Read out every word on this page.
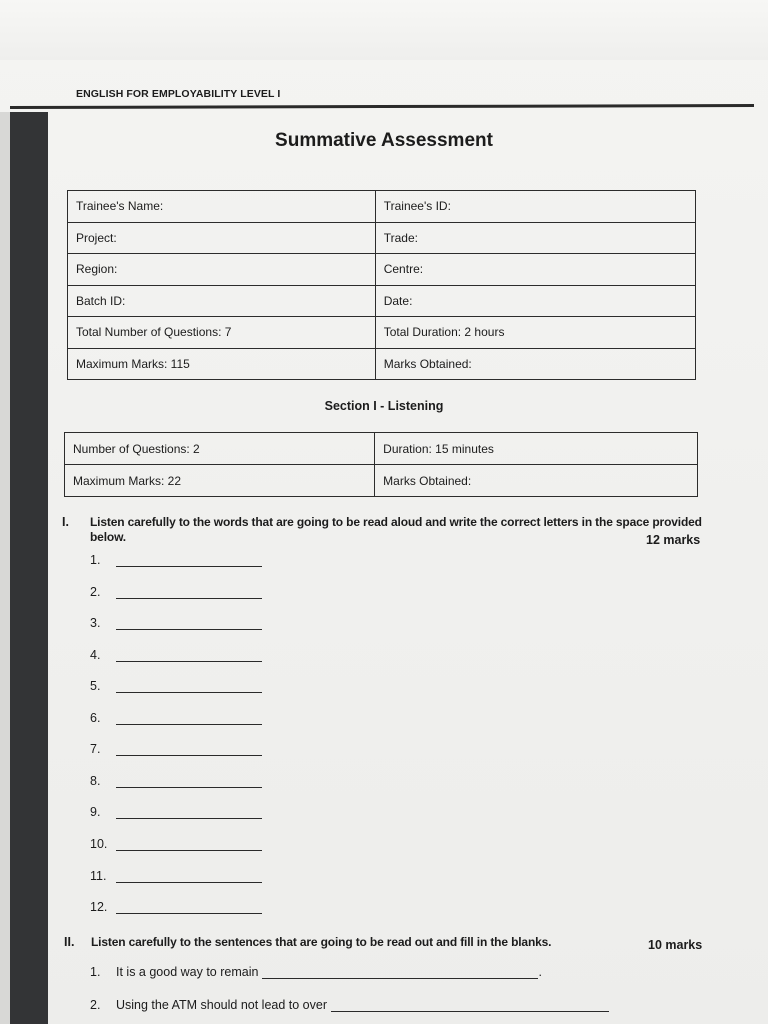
ENGLISH FOR EMPLOYABILITY LEVEL I
Summative Assessment
Trainee's Name:	Trainee's ID:
Project:	Trade:
Region:	Centre:
Batch ID:	Date:
Total Number of Questions: 7	Total Duration: 2 hours
Maximum Marks: 115	Marks Obtained:
Section I - Listening
Number of Questions: 2	Duration: 15 minutes
Maximum Marks: 22	Marks Obtained:
I. Listen carefully to the words that are going to be read aloud and write the correct letters in the space provided
below.	12 marks
1.
2.
3.
4.
5.
6.
7.
8.
9.
10.
11.
12.
II. Listen carefully to the sentences that are going to be read out and fill in the blanks.	10 marks
1.	It is a good way to remain	.
2.	Using the ATM should not lead to over
